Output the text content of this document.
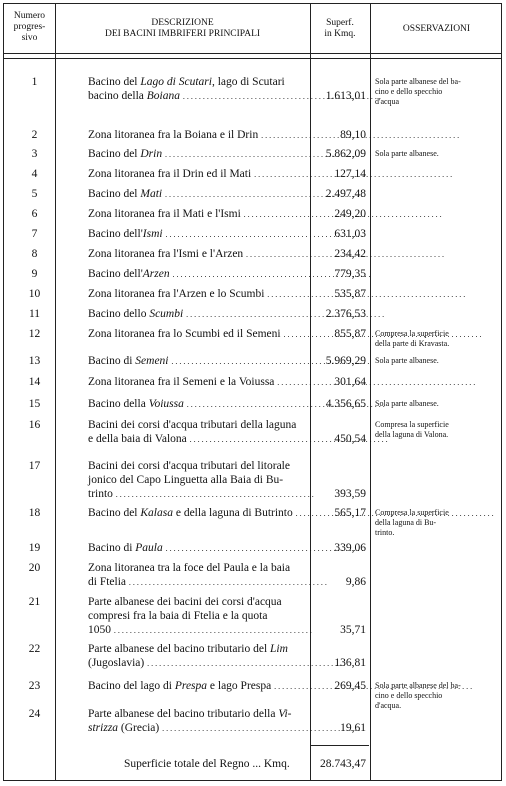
Numero
progres-
sivo
DESCRIZIONE
DEI BACINI IMBRIFERI PRINCIPALI
Superf.
in Kmq.	OSSERVAZIONI
1	Bacino del Lago di Scutari, lago di Scutari
bacino della Boiana . . .	1.613,01
Sola parte albanese del ba-
cino e dello specchio
d'acqua
2	Zona litoranea fra la Boiana e il Drin . . .	89,10
3	Bacino del Drin . . .	5.862,09 Sola parte albanese.
4	Zona litoranea fra il Drin ed il Mati . . .	127,14
5	Bacino del Mati . . .	2.497,48
6	Zona litoranea fra il Mati e l'Ismi . . .	249,20
7	Bacino dell'Ismi . . .	631,03
8	Zona litoranea fra l'Ismi e l'Arzen . . .	234,42
9	Bacino dell'Arzen . . .	779,35
10	Zona litoranea fra l'Arzen e lo Scumbi . . .	535,87
11	Bacino dello Scumbi . . .	2.376,53
12	Zona litoranea fra lo Scumbi ed il Semeni . . .	855,87 Compresa la superficie
della parte di Kravasta.
13	Bacino di Semeni . . .	5.969,29 Sola parte albanese.
14	Zona litoranea fra il Semeni e la Voiussa . . .	301,64
15	Bacino della Voiussa . . .	4.356,65 Sola parte albanese.
16	Bacini dei corsi d'acqua tributari della laguna
e della baia di Valona . . .	450,54
Compresa la superficie
della laguna di Valona.
17	Bacini dei corsi d'acqua tributari del litorale
jonico del Capo Linguetta alla Baia di Bu-
trinto . . .	393,59
18	Bacino del Kalasa e della laguna di Butrinto . . .	565,17 Compresa la superficie
della laguna di Bu-
trinto.
19	Bacino di Paula . . .	339,06
20	Zona litoranea tra la foce del Paula e la baia
di Ftelia . . .	9,86
21	Parte albanese dei bacini dei corsi d'acqua
compresi fra la baia di Ftelia e la quota
1050 . . .	35,71
22	Parte albanese del bacino tributario del Lim
(Jugoslavia) . . .	136,81
23	Bacino del lago di Prespa e lago Prespa . . .	269,45 Sola parte albanese del ba-
cino e dello specchio
d'acqua.
24	Parte albanese del bacino tributario della Vi-
strizza (Grecia) . . .	19,61
Superficie totale del Regno ... Kmq.	28.743,47
